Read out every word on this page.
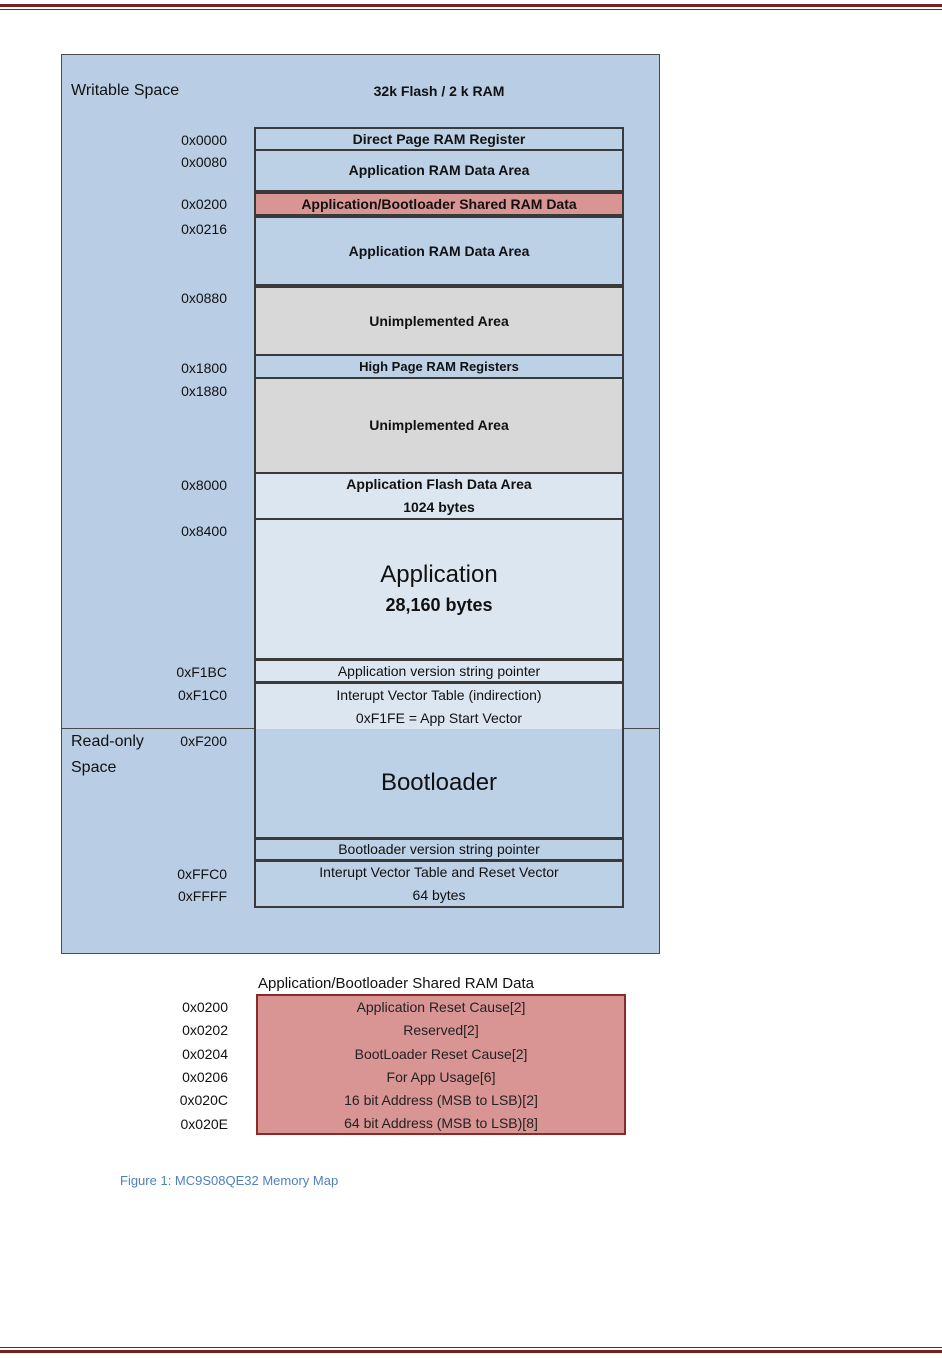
Writable Space
Read-only
Space
32k Flash / 2 k RAM
0x0000
0x0080
0x0200
0x0216
0x0880
0x1800
0x1880
0x8000
0x8400
0xF1BC
0xF1C0
0xF200
0xFFC0
0xFFFF
Direct Page RAM Register
Application RAM Data Area
Application/Bootloader Shared RAM Data
Application RAM Data Area
Unimplemented Area
High Page RAM Registers
Unimplemented Area
Application Flash Data Area
1024 bytes
Application
28,160 bytes
Application version string pointer
Interupt Vector Table (indirection)
0xF1FE = App Start Vector
Bootloader
Bootloader version string pointer
Interupt Vector Table and Reset Vector
64 bytes
Application/Bootloader Shared RAM Data
0x0200
0x0202
0x0204
0x0206
0x020C
0x020E
Application Reset Cause[2]
Reserved[2]
BootLoader Reset Cause[2]
For App Usage[6]
16 bit Address (MSB to LSB)[2]
64 bit Address (MSB to LSB)[8]
Figure 1: MC9S08QE32 Memory Map
